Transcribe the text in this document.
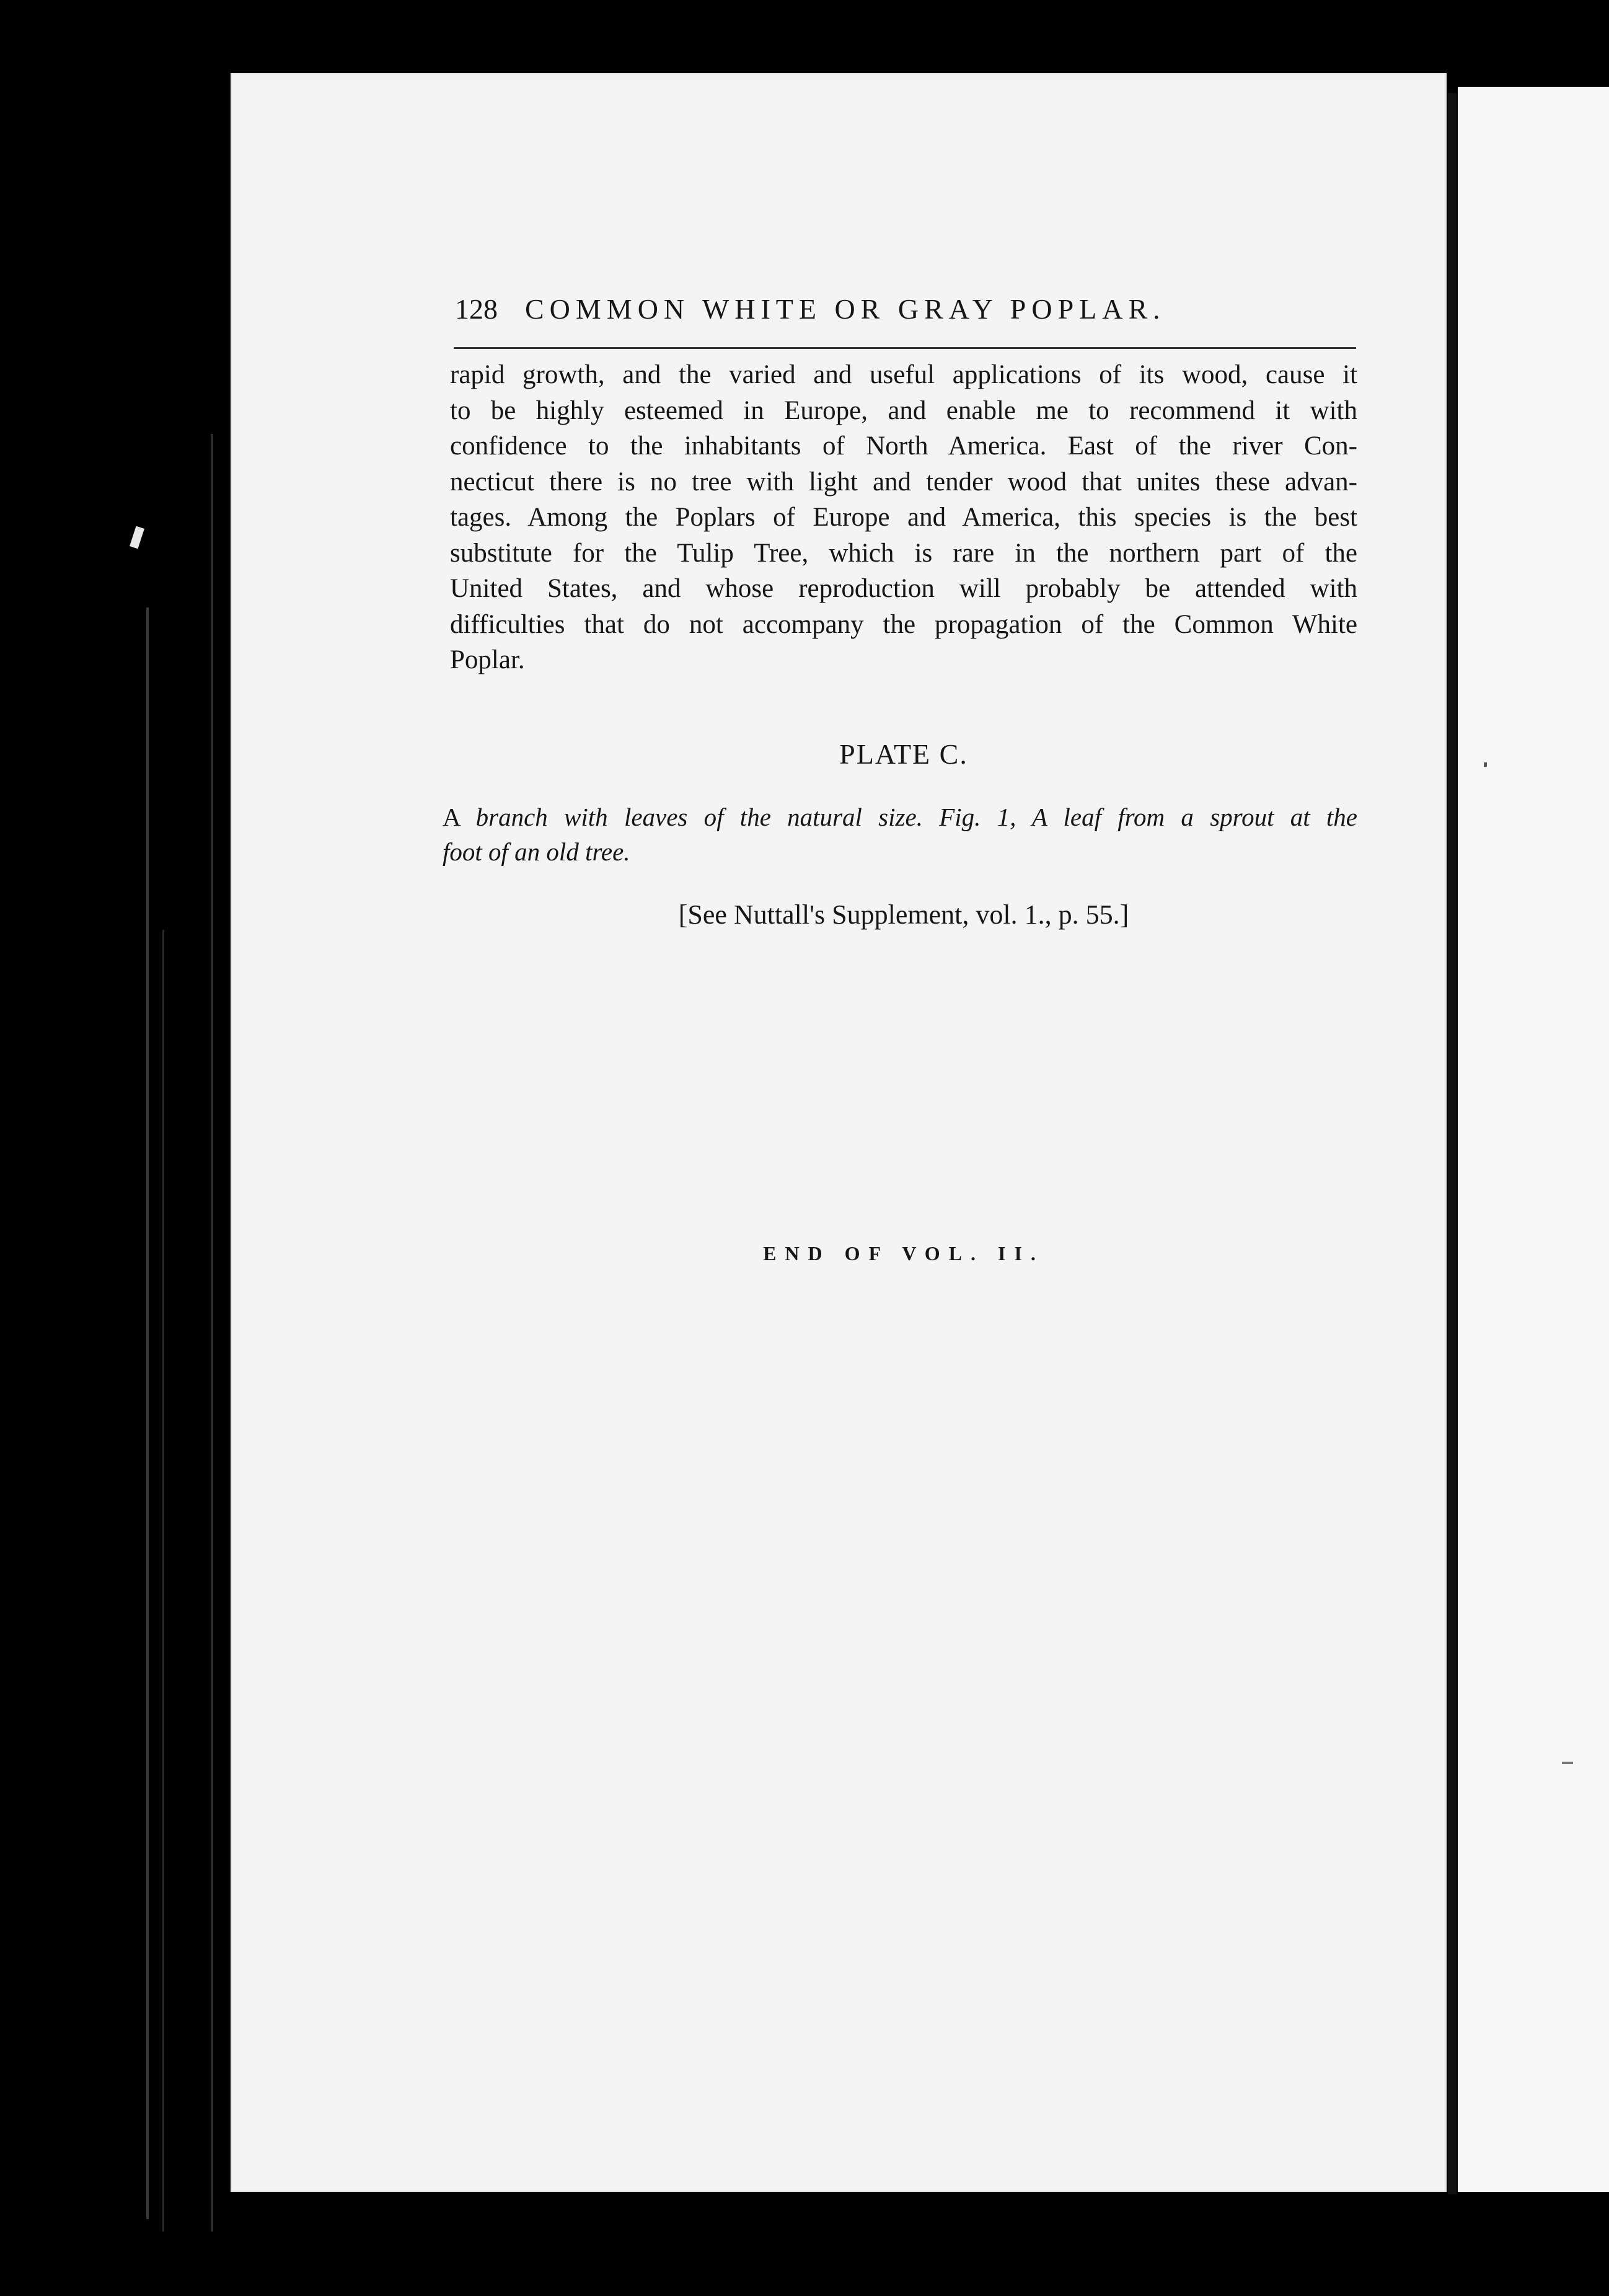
128 COMMON WHITE OR GRAY POPLAR.

rapid growth, and the varied and useful applications of its wood, cause it
to be highly esteemed in Europe, and enable me to recommend it with
confidence to the inhabitants of North America. East of the river Con-
necticut there is no tree with light and tender wood that unites these advan-
tages. Among the Poplars of Europe and America, this species is the best
substitute for the Tulip Tree, which is rare in the northern part of the
United States, and whose reproduction will probably be attended with
difficulties that do not accompany the propagation of the Common White
Poplar.

PLATE C.
A branch with leaves of the natural size. Fig. 1, A leaf from a sprout at the
foot of an old tree.
[See Nuttall's Supplement, vol. 1., p. 55.]
END OF VOL. II.
